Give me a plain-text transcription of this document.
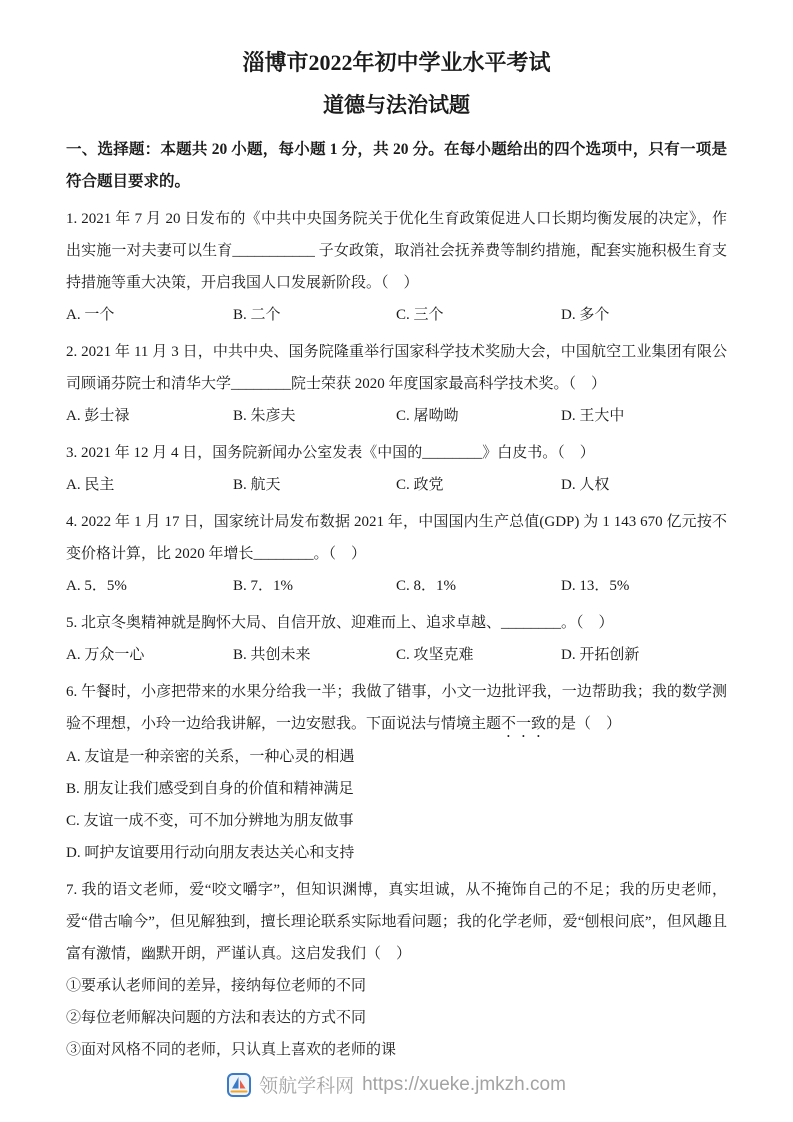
淄博市2022年初中学业水平考试
道德与法治试题

一、选择题：本题共 20 小题，每小题 1 分，共 20 分。在每小题给出的四个选项中，只有一项是符合题目要求的。

1. 2021 年 7 月 20 日发布的《中共中央国务院关于优化生育政策促进人口长期均衡发展的决定》，作出实施一对夫妻可以生育___________ 子女政策，取消社会抚养费等制约措施，配套实施积极生育支持措施等重大决策，开启我国人口发展新阶段。（　）

A. 一个	B. 二个	C. 三个	D. 多个

2. 2021 年 11 月 3 日，中共中央、国务院隆重举行国家科学技术奖励大会，中国航空工业集团有限公司顾诵芬院士和清华大学________院士荣获 2020 年度国家最高科学技术奖。（　）

A. 彭士禄	B. 朱彦夫	C. 屠呦呦	D. 王大中

3. 2021 年 12 月 4 日，国务院新闻办公室发表《中国的________》白皮书。（　）

A. 民主	B. 航天	C. 政党	D. 人权

4. 2022 年 1 月 17 日，国家统计局发布数据 2021 年，中国国内生产总值(GDP) 为 1 143 670 亿元按不变价格计算，比 2020 年增长________。（　）

A. 5．5%	B. 7．1%	C. 8．1%	D. 13．5%

5. 北京冬奥精神就是胸怀大局、自信开放、迎难而上、追求卓越、________。（　）

A. 万众一心	B. 共创未来	C. 攻坚克难	D. 开拓创新

6. 午餐时，小彦把带来的水果分给我一半；我做了错事，小文一边批评我，一边帮助我；我的数学测验不理想，小玲一边给我讲解，一边安慰我。下面说法与情境主题不一致的是（　）

A. 友谊是一种亲密的关系，一种心灵的相遇

B. 朋友让我们感受到自身的价值和精神满足

C. 友谊一成不变，可不加分辨地为朋友做事

D. 呵护友谊要用行动向朋友表达关心和支持

7. 我的语文老师，爱“咬文嚼字”，但知识渊博，真实坦诚，从不掩饰自己的不足；我的历史老师，爱“借古喻今”，但见解独到，擅长理论联系实际地看问题；我的化学老师，爱“刨根问底”，但风趣且富有激情，幽默开朗，严谨认真。这启发我们（　）

①要承认老师间的差异，接纳每位老师的不同

②每位老师解决问题的方法和表达的方式不同

③面对风格不同的老师，只认真上喜欢的老师的课

领航学科网 https://xueke.jmkzh.com
